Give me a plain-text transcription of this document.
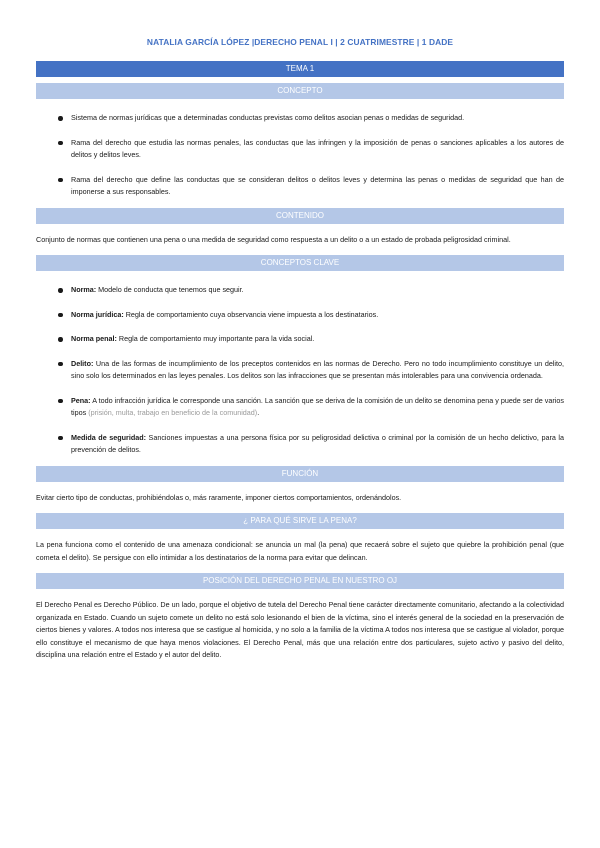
NATALIA GARCÍA LÓPEZ |DERECHO PENAL I | 2 CUATRIMESTRE | 1 DADE
TEMA 1
CONCEPTO
Sistema de normas jurídicas que a determinadas conductas previstas como delitos asocian penas o medidas de seguridad.
Rama del derecho que estudia las normas penales, las conductas que las infringen y la imposición de penas o sanciones aplicables a los autores de delitos y delitos leves.
Rama del derecho que define las conductas que se consideran delitos o delitos leves y determina las penas o medidas de seguridad que han de imponerse a sus responsables.
CONTENIDO

Conjunto de normas que contienen una pena o una medida de seguridad como respuesta a un delito o a un estado de probada peligrosidad criminal.

CONCEPTOS CLAVE
Norma: Modelo de conducta que tenemos que seguir.
Norma jurídica: Regla de comportamiento cuya observancia viene impuesta a los destinatarios.
Norma penal: Regla de comportamiento muy importante para la vida social.
Delito: Una de las formas de incumplimiento de los preceptos contenidos en las normas de Derecho. Pero no todo incumplimiento constituye un delito, sino solo los determinados en las leyes penales. Los delitos son las infracciones que se presentan más intolerables para una convivencia ordenada.
Pena: A todo infracción jurídica le corresponde una sanción. La sanción que se deriva de la comisión de un delito se denomina pena y puede ser de varios tipos (prisión, multa, trabajo en beneficio de la comunidad).
Medida de seguridad: Sanciones impuestas a una persona física por su peligrosidad delictiva o criminal por la comisión de un hecho delictivo, para la prevención de delitos.
FUNCIÓN

Evitar cierto tipo de conductas, prohibiéndolas o, más raramente, imponer ciertos comportamientos, ordenándolos.

¿ PARA QUÉ SIRVE LA PENA?

La pena funciona como el contenido de una amenaza condicional: se anuncia un mal (la pena) que recaerá sobre el sujeto que quiebre la prohibición penal (que cometa el delito). Se persigue con ello intimidar a los destinatarios de la norma para evitar que delincan.

POSICIÓN DEL DERECHO PENAL EN NUESTRO OJ

El Derecho Penal es Derecho Público. De un lado, porque el objetivo de tutela del Derecho Penal tiene carácter directamente comunitario, afectando a la colectividad organizada en Estado. Cuando un sujeto comete un delito no está solo lesionando el bien de la víctima, sino el interés general de la sociedad en la preservación de ciertos bienes y valores. A todos nos interesa que se castigue al homicida, y no solo a la familia de la víctima A todos nos interesa que se castigue al violador, porque ello constituye el mecanismo de que haya menos violaciones. El Derecho Penal, más que una relación entre dos particulares, sujeto activo y pasivo del delito, disciplina una relación entre el Estado y el autor del delito.
